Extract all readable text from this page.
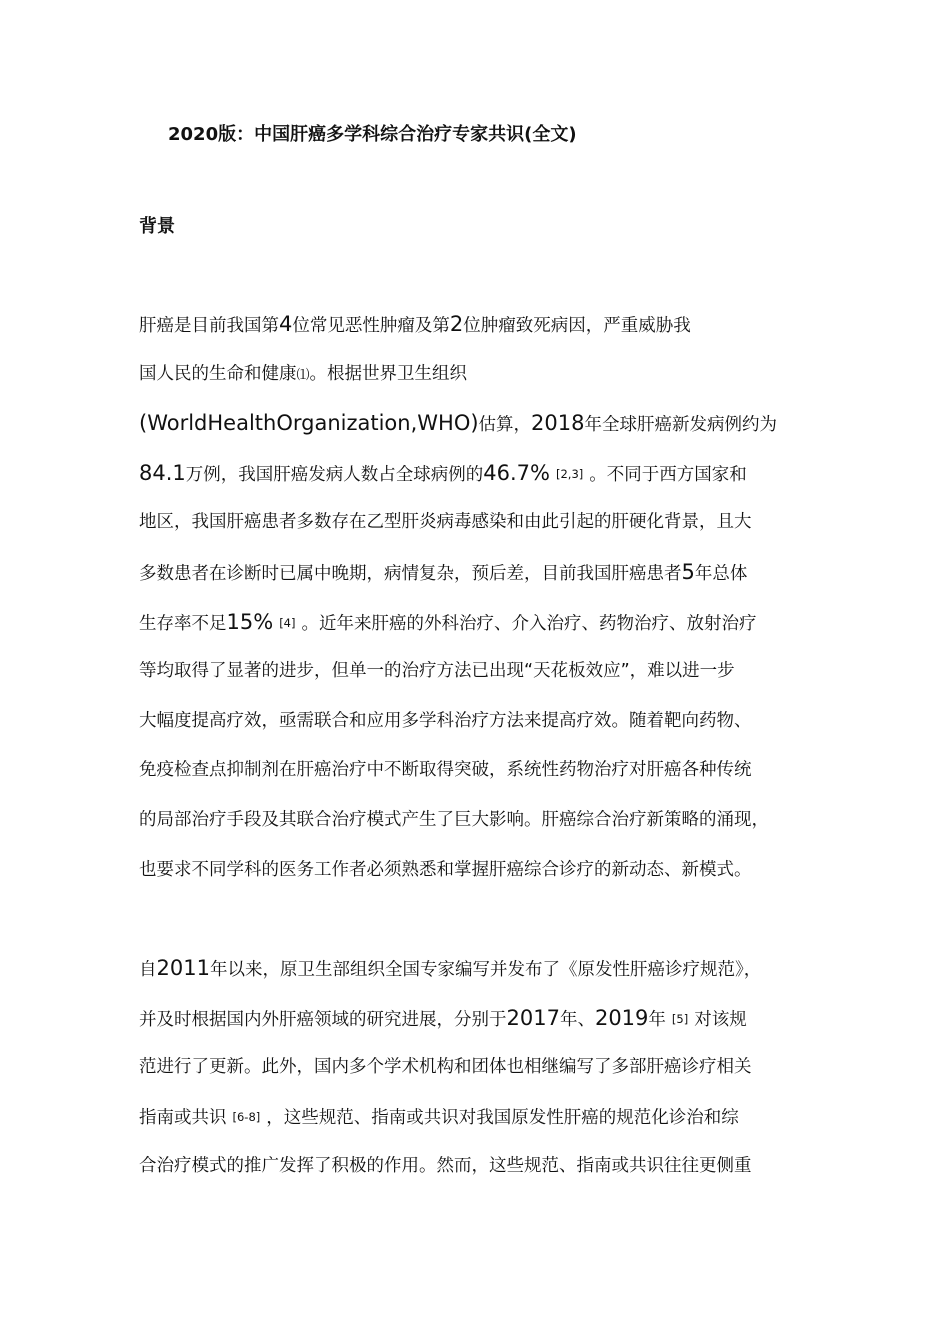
2020版：中国肝癌多学科综合治疗专家共识(全文)
背景
肝癌是目前我国第4位常见恶性肿瘤及第2位肿瘤致死病因，严重威胁我
国人民的生命和健康⑴。根据世界卫生组织
(WorldHealthOrganization,WHO)估算，2018年全球肝癌新发病例约为
84.1万例，我国肝癌发病人数占全球病例的46.7% [2,3] 。不同于西方国家和
地区，我国肝癌患者多数存在乙型肝炎病毒感染和由此引起的肝硬化背景，且大
多数患者在诊断时已属中晚期，病情复杂，预后差，目前我国肝癌患者5年总体
生存率不足15% [4] 。近年来肝癌的外科治疗、介入治疗、药物治疗、放射治疗
等均取得了显著的进步，但单一的治疗方法已出现“天花板效应”，难以进一步
大幅度提高疗效，亟需联合和应用多学科治疗方法来提高疗效。随着靶向药物、
免疫检查点抑制剂在肝癌治疗中不断取得突破，系统性药物治疗对肝癌各种传统
的局部治疗手段及其联合治疗模式产生了巨大影响。肝癌综合治疗新策略的涌现，
也要求不同学科的医务工作者必须熟悉和掌握肝癌综合诊疗的新动态、新模式。
自2011年以来，原卫生部组织全国专家编写并发布了《原发性肝癌诊疗规范》，
并及时根据国内外肝癌领域的研究进展，分别于2017年、2019年 [5] 对该规
范进行了更新。此外，国内多个学术机构和团体也相继编写了多部肝癌诊疗相关
指南或共识 [6-8] ，这些规范、指南或共识对我国原发性肝癌的规范化诊治和综
合治疗模式的推广发挥了积极的作用。然而，这些规范、指南或共识往往更侧重
